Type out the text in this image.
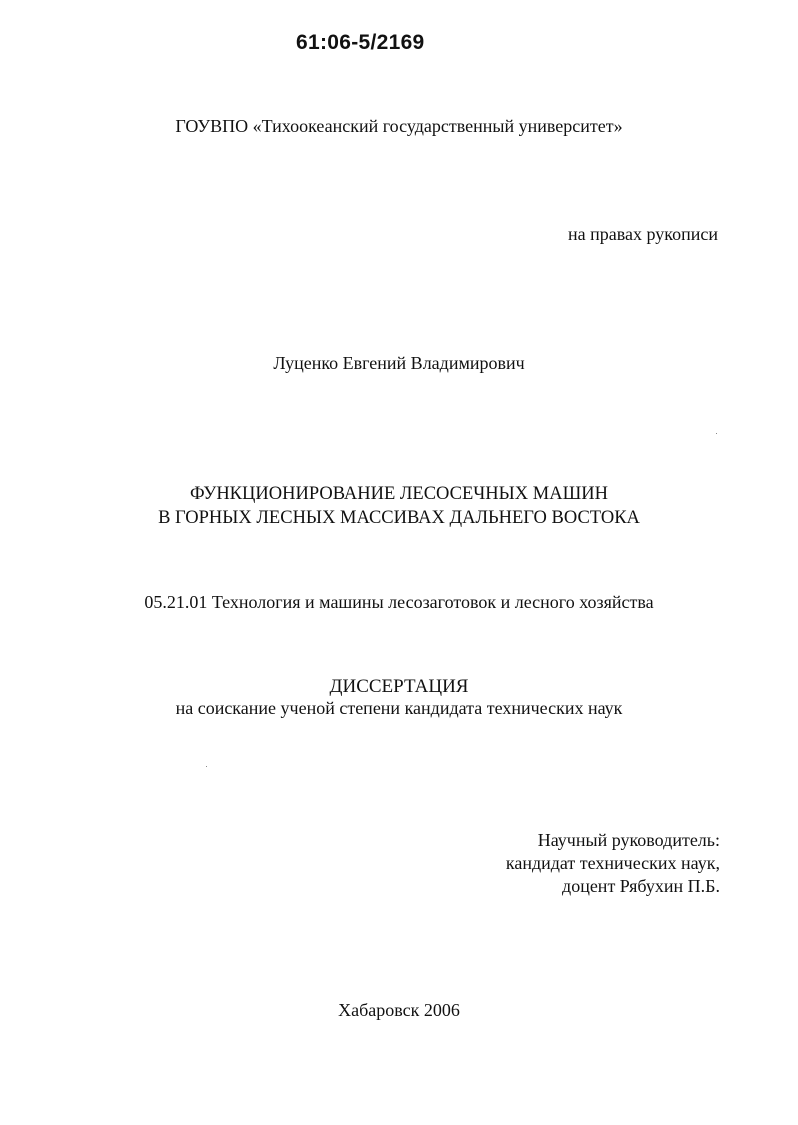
61:06-5/2169

ГОУВПО «Тихоокеанский государственный университет»

на правах рукописи

Луценко Евгений Владимирович

ФУНКЦИОНИРОВАНИЕ ЛЕСОСЕЧНЫХ МАШИН
В ГОРНЫХ ЛЕСНЫХ МАССИВАХ ДАЛЬНЕГО ВОСТОКА

05.21.01 Технология и машины лесозаготовок и лесного хозяйства

ДИССЕРТАЦИЯ

на соискание ученой степени кандидата технических наук

Научный руководитель:
кандидат технических наук,
доцент Рябухин П.Б.

Хабаровск 2006
